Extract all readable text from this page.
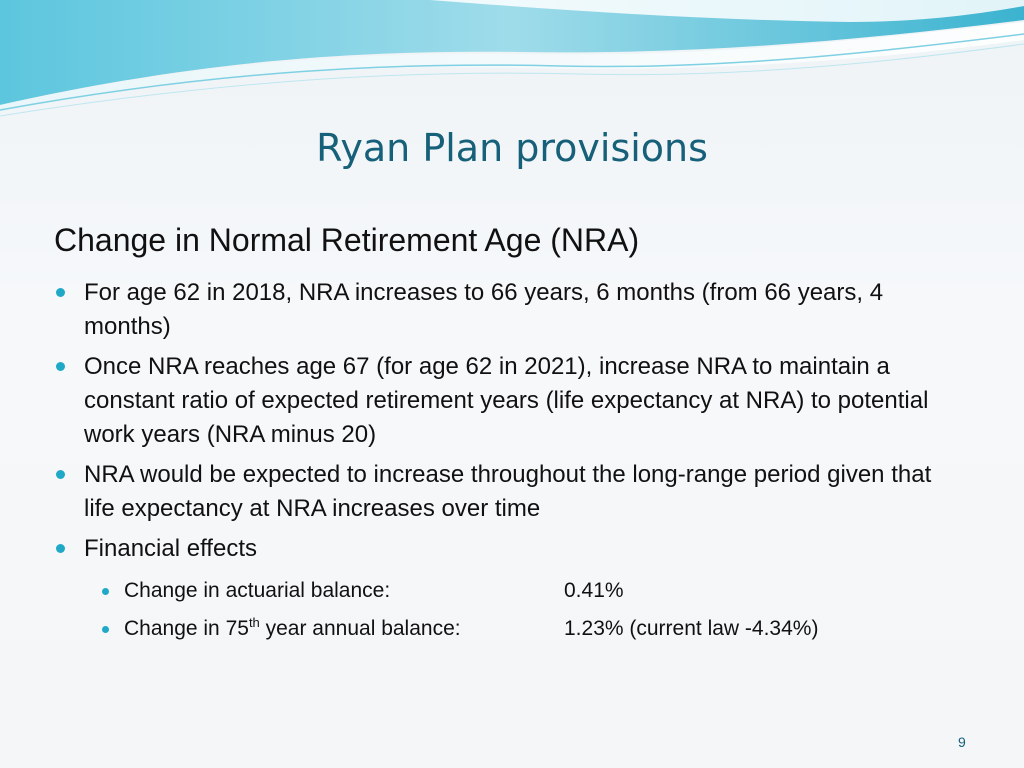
Ryan Plan provisions
Change in Normal Retirement Age (NRA)
For age 62 in 2018, NRA increases to 66 years, 6 months (from 66 years, 4 months)
Once NRA reaches age 67 (for age 62 in 2021), increase NRA to maintain a constant ratio of expected retirement years (life expectancy at NRA) to potential work years (NRA minus 20)
NRA would be expected to increase throughout the long-range period given that life expectancy at NRA increases over time
Financial effects
Change in actuarial balance:	0.41%
Change in 75th year annual balance:	1.23% (current law -4.34%)
9
